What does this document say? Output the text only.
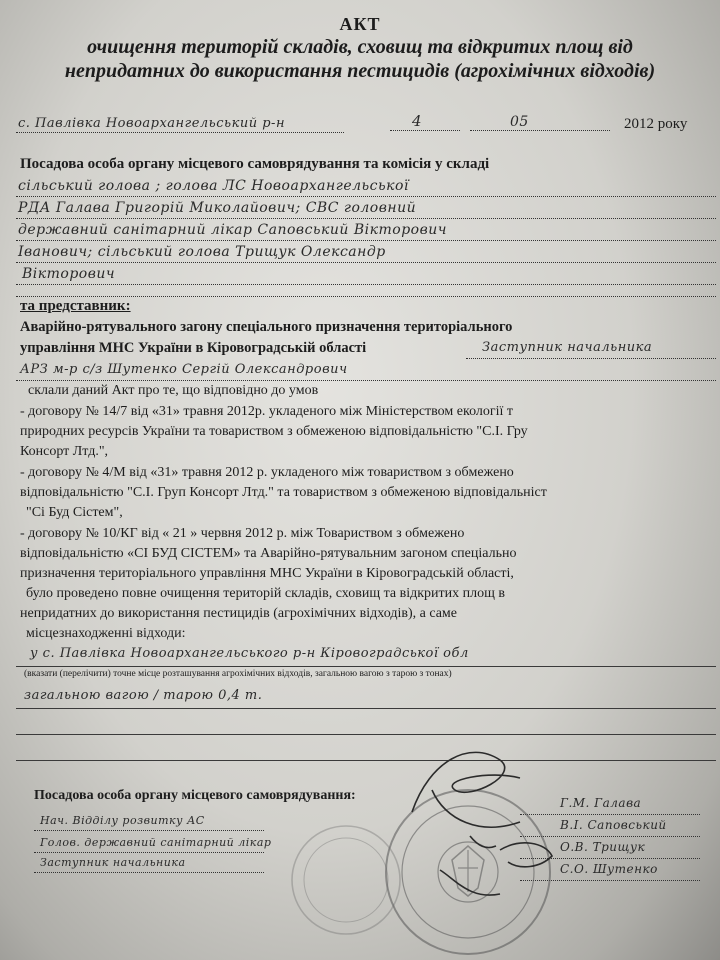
АКТ
очищення територій складів, сховищ та відкритих площ від
непридатних до використання пестицидів (агрохімічних відходів)
с. Павлівка Новоархангельський р-н	4	05	2012 року
Посадова особа органу місцевого самоврядування та комісія у складі
сільський голова ; голова ЛС Новоархангельської
РДА Галава Григорій Миколайович; СВС головний
державний санітарний лікар Саповський Вікторович
Іванович; сільський голова Трищук Олександр
Вікторович
та представник:
Аварійно-рятувального загону спеціального призначення територіального
управління МНС України в Кіровоградській області	Заступник начальника
АРЗ м-р с/з Шутенко Сергій Олександрович
склали даний Акт про те, що відповідно до умов
- договору № 14/7 від «31» травня 2012р. укладеного між Міністерством екології т
природних ресурсів України та товариством з обмеженою відповідальністю "С.І. Гру
Консорт Лтд.",
- договору № 4/М від «31» травня 2012 р. укладеного між товариством з обмежено
відповідальністю "С.І. Груп Консорт Лтд." та товариством з обмеженою відповідальніст
"Сі Буд Сістем",
- договору № 10/КГ від « 21 » червня 2012 р. між Товариством з обмежено
відповідальністю «СІ БУД СІСТЕМ» та Аварійно-рятувальним загоном спеціально
призначення територіального управління МНС України в Кіровоградській області,
було проведено повне очищення територій складів, сховищ та відкритих площ в
непридатних до використання пестицидів (агрохімічних відходів), а саме
місцезнаходженні відходи:
у с. Павлівка Новоархангельського р-н Кіровоградської обл
(вказати (перелічити) точне місце розташування агрохімічних відходів, загальною вагою з тарою з тонах)
загальною вагою / тарою 0,4 т.
Посадова особа органу місцевого самоврядування:
Нач. Відділу розвитку АС
Голов. державний санітарний лікар
Заступник начальника
Г.М. Галава
В.І. Саповський
О.В. Трищук
С.О. Шутенко
